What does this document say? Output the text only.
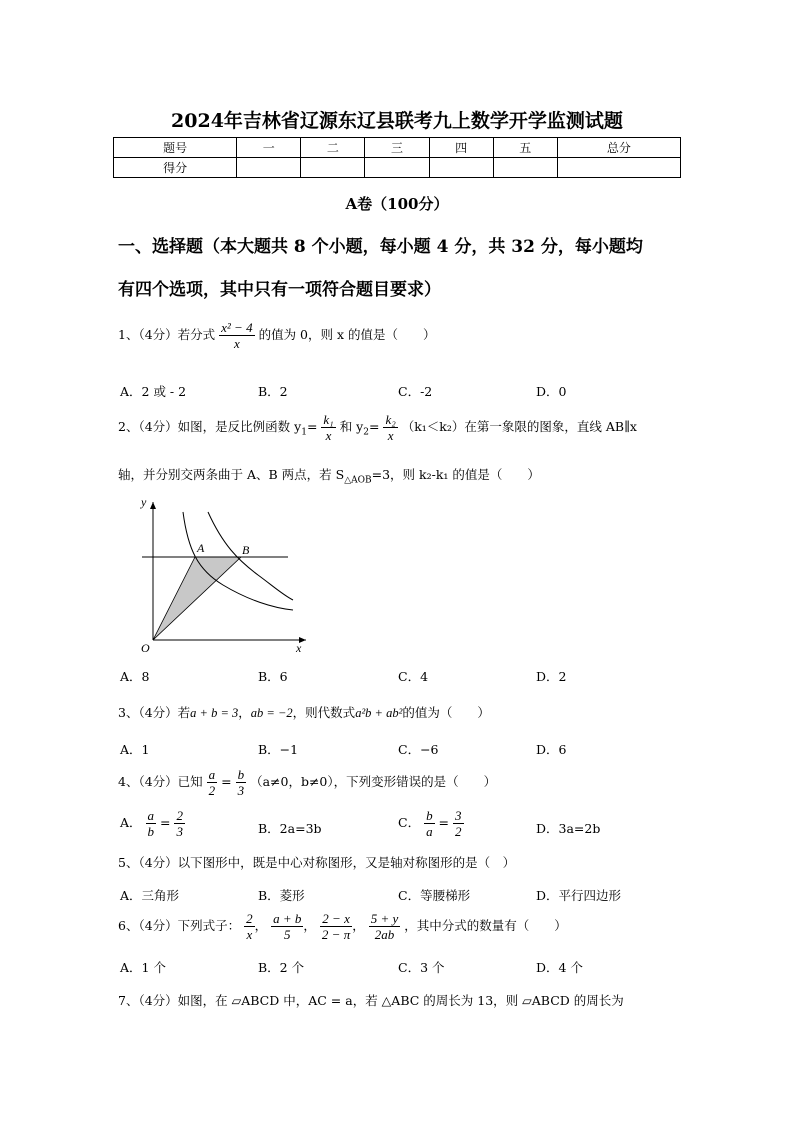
2024年吉林省辽源东辽县联考九上数学开学监测试题
题号	一	二	三	四	五	总分
得分						
A卷（100分）
一、选择题（本大题共 8 个小题，每小题 4 分，共 32 分，每小题均
有四个选项，其中只有一项符合题目要求）
1、（4分）若分式 $\frac{\text{x² − 4}}{x}$ 的值为 0，则 x 的值是（　　）
A．2 或 - 2	B．2	C．-2	D．0
2、（4分）如图，是反比例函数 $y_1= \frac{\text{k₁}}{x}$ 和 $y_2= \frac{\text{k₂}}{x} (k_1<k_2)$在第一象限的图象，直线 AB∥x
轴，并分别交两条曲于 A、B 两点，若 $S_{\triangle AOB}=3$，则 k₂-k₁ 的值是（　　）
y
x
O
A	B
A．8	B．6	C．4	D．2
3、（4分）若a + b = 3，ab = −2，则代数式a²b + ab²的值为（　　）
A．1	B．−1	C．−6	D．6
4、（4分）已知 $\frac{a}{2} = \frac{b}{3} (a\ne 0$，b≠0），下列变形错误的是（　　）
A． $\frac{a}{b} = \frac{2}{3}$	B．2a=3b	C． $\frac{b}{a} = \frac{3}{2}$	D．3a=2b
5、（4分）以下图形中，既是中心对称图形，又是轴对称图形的是（　）
A．三角形	B．菱形	C．等腰梯形	D．平行四边形
6、（4分）下列式子： $\frac{2}{x}$ ， $\frac{a + b}{5}$ ， $\frac{2 - x}{2 - \pi}$ ， $\frac{5 + y}{2ab}$ ，其中分式的数量有（　　）
A．1 个	B．2 个	C．3 个	D．4 个
7、（4分）如图，在 ▱ABCD 中，AC = a，若 △ABC 的周长为 13，则 ▱ABCD 的周长为
